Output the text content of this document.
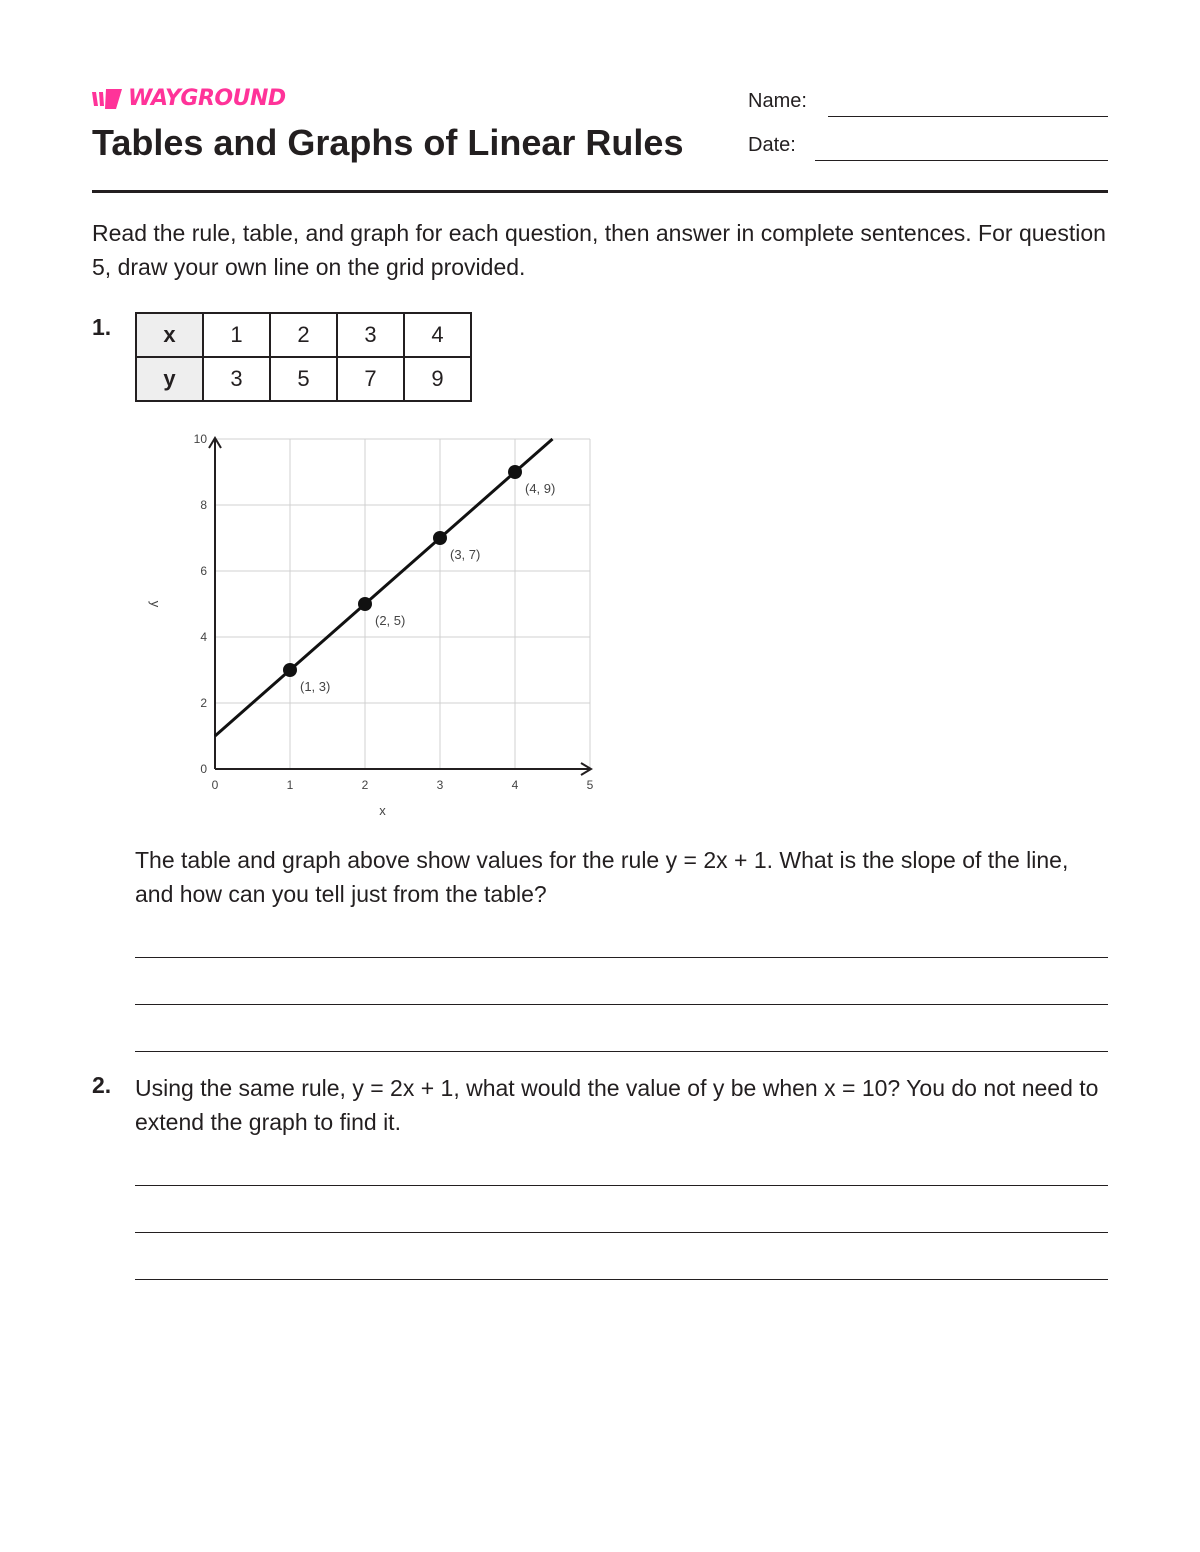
WAYGROUND
Tables and Graphs of Linear Rules
Name:
Date:

Read the rule, table, and graph for each question, then answer in complete sentences. For question 5, draw your own line on the grid provided.

1. x	1	2	3	4
y	3	5	7	9
0	1	2	3	4	5
0
2
4
6
8
10
x
y
(1, 3)
(2, 5)
(3, 7)
(4, 9)

The table and graph above show values for the rule y = 2x + 1. What is the slope of the line, and how can you tell just from the table?

2. Using the same rule, y = 2x + 1, what would the value of y be when x = 10? You do not need to extend the graph to find it.
